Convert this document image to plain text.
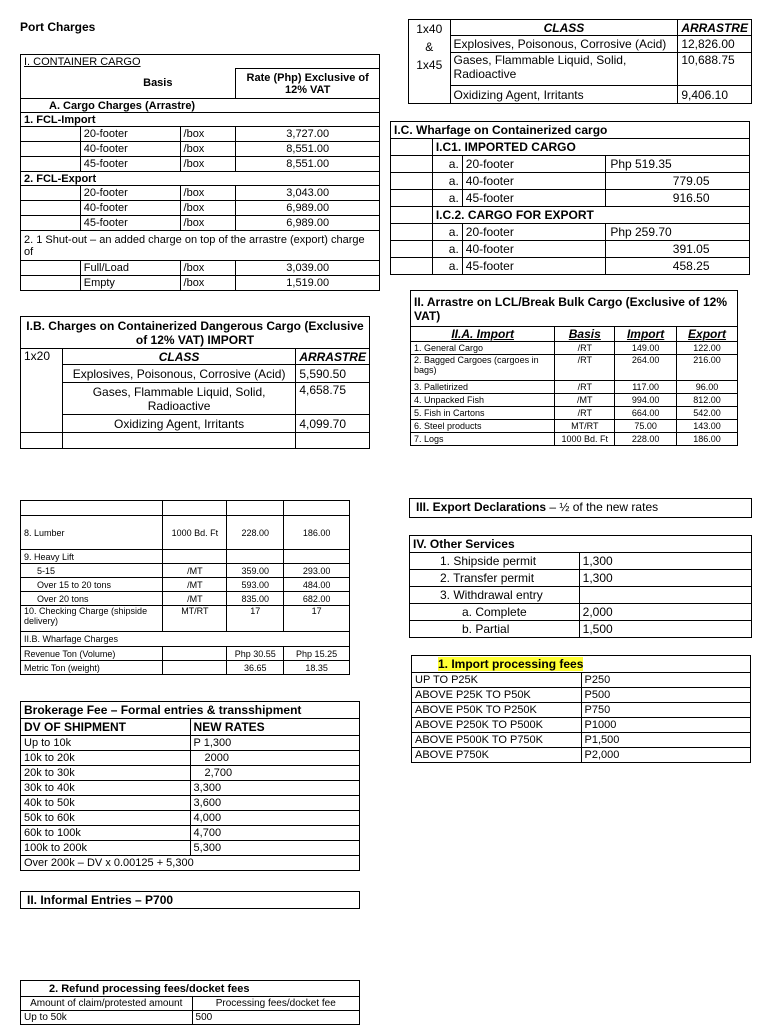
Port Charges
I. CONTAINER CARGO			
	Basis		Rate (Php) Exclusive of 12% VAT
A. Cargo Charges (Arrastre)			
1. FCL-Import			
	20-footer	/box	3,727.00
	40-footer	/box	8,551.00
	45-footer	/box	8,551.00
2. FCL-Export			
	20-footer	/box	3,043.00
	40-footer	/box	6,989.00
	45-footer	/box	6,989.00
2. 1 Shut-out – an added charge on top of the arrastre (export) charge of			
	Full/Load	/box	3,039.00
	Empty	/box	1,519.00
I.B. Charges on Containerized Dangerous Cargo (Exclusive of 12% VAT) IMPORT		
1x20	CLASS	ARRASTRE
	Explosives, Poisonous, Corrosive (Acid)	5,590.50
	Gases, Flammable Liquid, Solid, Radioactive	4,658.75
	Oxidizing Agent, Irritants	4,099.70

1x40
&
1x45	CLASS	ARRASTRE
	Explosives, Poisonous, Corrosive (Acid)	12,826.00
	Gases, Flammable Liquid, Solid, Radioactive	10,688.75
	Oxidizing Agent, Irritants	9,406.10
I.C. Wharfage on Containerized cargo			
	I.C1. IMPORTED CARGO		
	a.	20-footer	Php 519.35
	a.	40-footer	779.05
	a.	45-footer	916.50
	I.C.2. CARGO FOR EXPORT		
	a.	20-footer	Php 259.70
	a.	40-footer	391.05
	a.	45-footer	458.25
II. Arrastre on LCL/Break Bulk Cargo (Exclusive of 12% VAT)			
II.A. Import	Basis	Import	Export
1. General Cargo	/RT	149.00	122.00
2. Bagged Cargoes (cargoes in bags)	/RT	264.00	216.00
3. Palletirized	/RT	117.00	96.00
4. Unpacked Fish	/MT	994.00	812.00
5. Fish in Cartons	/RT	664.00	542.00
6. Steel products	MT/RT	75.00	143.00
7. Logs	1000 Bd. Ft	228.00	186.00

8. Lumber	1000 Bd. Ft	228.00	186.00
9. Heavy Lift			
5-15	/MT	359.00	293.00
Over 15 to 20 tons	/MT	593.00	484.00
Over 20 tons	/MT	835.00	682.00
10. Checking Charge (shipside delivery)	MT/RT	17	17
II.B. Wharfage Charges			
Revenue Ton (Volume)		Php 30.55	Php 15.25
Metric Ton (weight)		36.65	18.35
III. Export Declarations – ½ of the new rates
IV. Other Services	
1. Shipside permit	1,300
2. Transfer permit	1,300
3. Withdrawal entry	
a. Complete	2,000
b. Partial	1,500
1. Import processing fees	
UP TO P25K	P250
ABOVE P25K TO P50K	P500
ABOVE P50K TO P250K	P750
ABOVE P250K TO P500K	P1000
ABOVE P500K TO P750K	P1,500
ABOVE P750K	P2,000
Brokerage Fee – Formal entries & transshipment	
DV OF SHIPMENT	NEW RATES
Up to 10k	P 1,300
10k to 20k	2000
20k to 30k	2,700
30k to 40k	3,300
40k to 50k	3,600
50k to 60k	4,000
60k to 100k	4,700
100k to 200k	5,300
Over 200k – DV x 0.00125 + 5,300	
II. Informal Entries – P700
2. Refund processing fees/docket fees	
Amount of claim/protested amount	Processing fees/docket fee
Up to 50k	500
